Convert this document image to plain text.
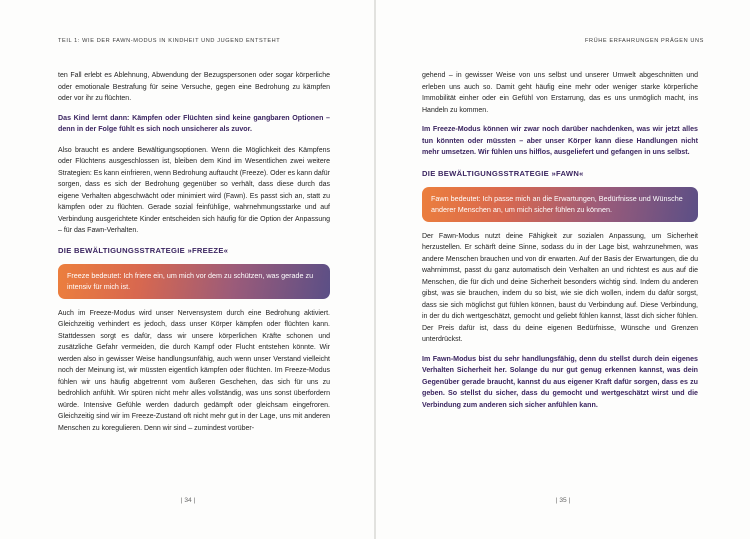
TEIL 1: WIE DER FAWN-MODUS IN KINDHEIT UND JUGEND ENTSTEHT

ten Fall erlebt es Ablehnung, Abwendung der Bezugspersonen oder sogar körperliche oder emotionale Bestrafung für seine Versuche, gegen eine Bedrohung zu kämpfen oder vor ihr zu flüchten.

Das Kind lernt dann: Kämpfen oder Flüchten sind keine gangbaren Optionen – denn in der Folge fühlt es sich noch unsicherer als zuvor.

Also braucht es andere Bewältigungsoptionen. Wenn die Möglichkeit des Kämpfens oder Flüchtens ausgeschlossen ist, bleiben dem Kind im Wesentlichen zwei weitere Strategien: Es kann einfrieren, wenn Bedrohung auftaucht (Freeze). Oder es kann dafür sorgen, dass es sich der Bedrohung gegenüber so verhält, dass diese durch das eigene Verhalten abgeschwächt oder minimiert wird (Fawn). Es passt sich an, statt zu kämpfen oder zu flüchten. Gerade sozial feinfühlige, wahrnehmungsstarke und auf Verbindung ausgerichtete Kinder entscheiden sich häufig für die Option der Anpassung – für das Fawn-Verhalten.

DIE BEWÄLTIGUNGSSTRATEGIE »FREEZE«
Freeze bedeutet: Ich friere ein, um mich vor dem zu schützen, was gerade zu intensiv für mich ist.

Auch im Freeze-Modus wird unser Nervensystem durch eine Bedrohung aktiviert. Gleichzeitig verhindert es jedoch, dass unser Körper kämpfen oder flüchten kann. Stattdessen sorgt es dafür, dass wir unsere körperlichen Kräfte schonen und zusätzliche Gefahr vermeiden, die durch Kampf oder Flucht entstehen könnte. Wir werden also in gewisser Weise handlungsunfähig, auch wenn unser Verstand vielleicht noch der Meinung ist, wir müssten eigentlich kämpfen oder flüchten. Im Freeze-Modus fühlen wir uns häufig abgetrennt vom äußeren Geschehen, das sich für uns zu bedrohlich anfühlt. Wir spüren nicht mehr alles vollständig, was uns sonst überfordern würde. Intensive Gefühle werden dadurch gedämpft oder gleichsam eingefroren. Gleichzeitig sind wir im Freeze-Zustand oft nicht mehr gut in der Lage, uns mit anderen Menschen zu koregulieren. Denn wir sind – zumindest vorüber-

| 34 |
FRÜHE ERFAHRUNGEN PRÄGEN UNS

gehend – in gewisser Weise von uns selbst und unserer Umwelt abgeschnitten und erleben uns auch so. Damit geht häufig eine mehr oder weniger starke körperliche Immobilität einher oder ein Gefühl von Erstarrung, das es uns unmöglich macht, ins Handeln zu kommen.

Im Freeze-Modus können wir zwar noch darüber nachdenken, was wir jetzt alles tun könnten oder müssten – aber unser Körper kann diese Handlungen nicht mehr umsetzen. Wir fühlen uns hilflos, ausgeliefert und gefangen in uns selbst.

DIE BEWÄLTIGUNGSSTRATEGIE »FAWN«
Fawn bedeutet: Ich passe mich an die Erwartungen, Bedürfnisse und Wünsche anderer Menschen an, um mich sicher fühlen zu können.

Der Fawn-Modus nutzt deine Fähigkeit zur sozialen Anpassung, um Sicherheit herzustellen. Er schärft deine Sinne, sodass du in der Lage bist, wahrzunehmen, was andere Menschen brauchen und von dir erwarten. Auf der Basis der Erwartungen, die du wahrnimmst, passt du ganz automatisch dein Verhalten an und richtest es aus auf die Menschen, die für dich und deine Sicherheit besonders wichtig sind. Indem du anderen gibst, was sie brauchen, indem du so bist, wie sie dich wollen, indem du dafür sorgst, dass sie sich möglichst gut fühlen können, baust du Verbindung auf. Diese Verbindung, in der du dich wertgeschätzt, gemocht und geliebt fühlen kannst, lässt dich sicher fühlen. Der Preis dafür ist, dass du deine eigenen Bedürfnisse, Wünsche und Grenzen unterdrückst.

Im Fawn-Modus bist du sehr handlungsfähig, denn du stellst durch dein eigenes Verhalten Sicherheit her. Solange du nur gut genug erkennen kannst, was dein Gegenüber gerade braucht, kannst du aus eigener Kraft dafür sorgen, dass es zu geben. So stellst du sicher, dass du gemocht und wertgeschätzt wirst und die Verbindung zum anderen sich sicher anfühlen kann.

| 35 |
